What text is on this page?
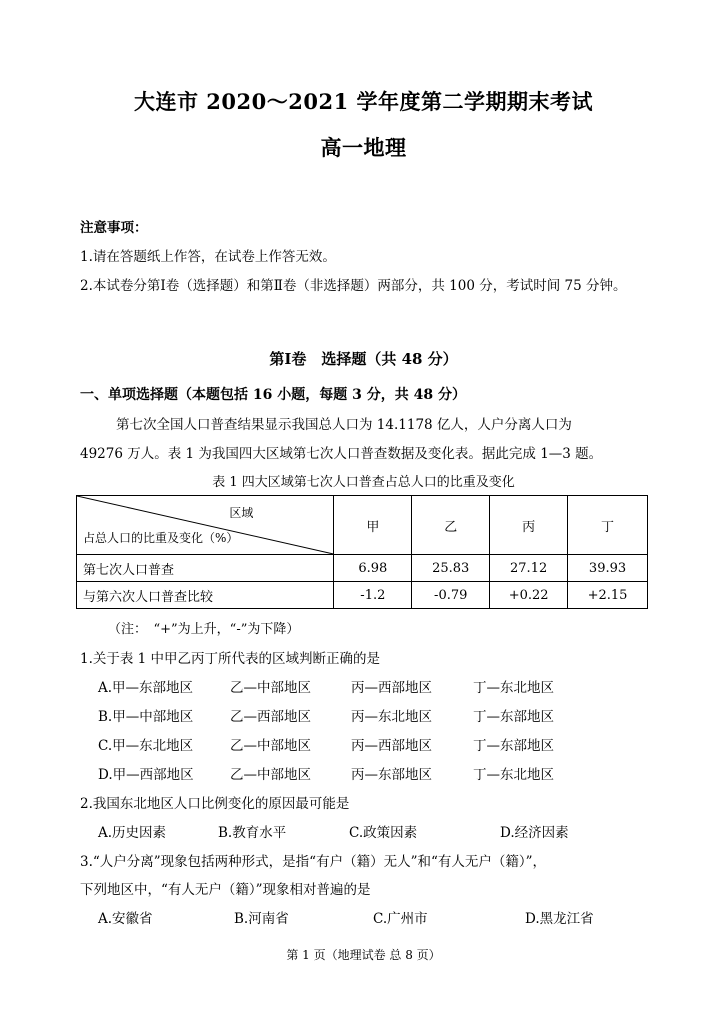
大连市 2020～2021 学年度第二学期期末考试
高一地理
注意事项：
1.请在答题纸上作答，在试卷上作答无效。
2.本试卷分第Ⅰ卷（选择题）和第Ⅱ卷（非选择题）两部分，共 100 分，考试时间 75 分钟。
第Ⅰ卷　选择题（共 48 分）
一、单项选择题（本题包括 16 小题，每题 3 分，共 48 分）
第七次全国人口普查结果显示我国总人口为 14.1178 亿人，人户分离人口为
49276 万人。表 1 为我国四大区域第七次人口普查数据及变化表。据此完成 1—3 题。
表 1 四大区域第七次人口普查占总人口的比重及变化
区域
占总人口的比重及变化（%）	甲	乙	丙	丁
第七次人口普查	6.98	25.83	27.12	39.93
与第六次人口普查比较	-1.2	-0.79	+0.22	+2.15
（注：　“+”为上升，“-”为下降）
1.关于表 1 中甲乙丙丁所代表的区域判断正确的是
A.甲—东部地区	乙—中部地区	丙—西部地区	丁—东北地区
B.甲—中部地区	乙—西部地区	丙—东北地区	丁—东部地区
C.甲—东北地区	乙—中部地区	丙—西部地区	丁—东部地区
D.甲—西部地区	乙—中部地区	丙—东部地区	丁—东北地区
2.我国东北地区人口比例变化的原因最可能是
A.历史因素	B.教育水平	C.政策因素	D.经济因素
3.“人户分离”现象包括两种形式，是指“有户（籍）无人”和“有人无户（籍）”，
下列地区中，“有人无户（籍）”现象相对普遍的是
A.安徽省	B.河南省	C.广州市	D.黑龙江省
第 1 页（地理试卷 总 8 页）
